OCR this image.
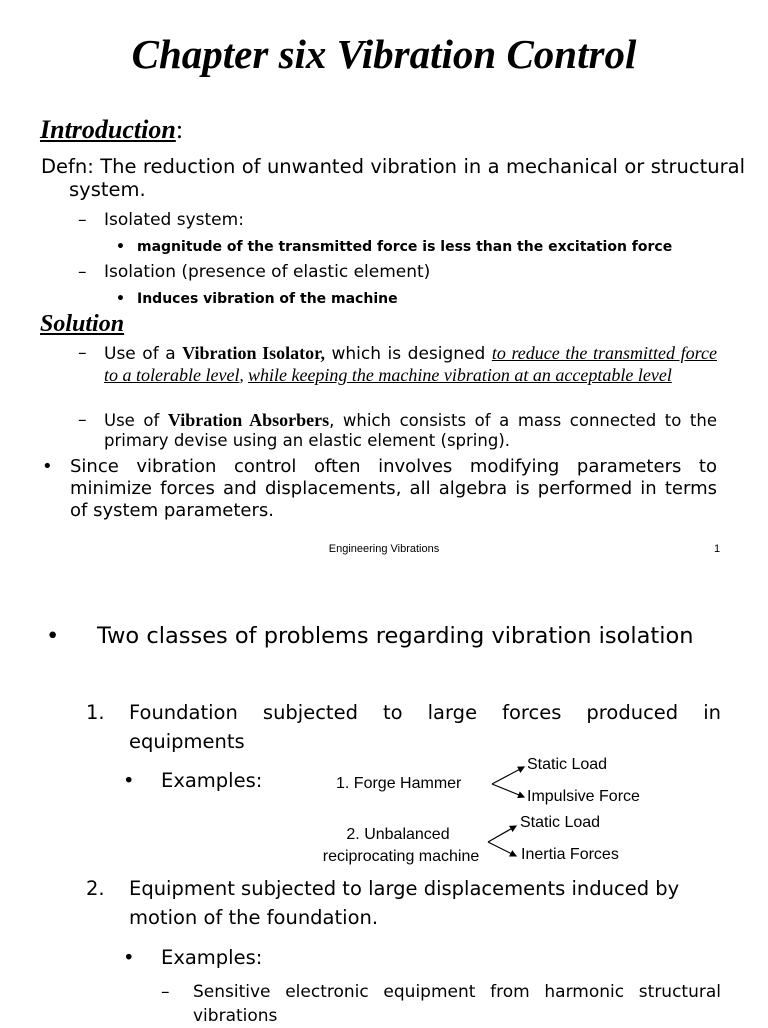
Chapter six Vibration Control
Introduction:
Defn: The reduction of unwanted vibration in a mechanical or structural system.
– Isolated system:
• magnitude of the transmitted force is less than the excitation force
– Isolation (presence of elastic element)
• Induces vibration of the machine
Solution
– Use of a Vibration Isolator, which is designed to reduce the transmitted force to a tolerable level, while keeping the machine vibration at an acceptable level
– Use of Vibration Absorbers, which consists of a mass connected to the primary devise using an elastic element (spring).
• Since vibration control often involves modifying parameters to minimize forces and displacements, all algebra is performed in terms of system parameters.
Engineering Vibrations	1
• Two classes of problems regarding vibration isolation
1. Foundation subjected to large forces produced in equipments
• Examples:	1. Forge Hammer
Static Load
Impulsive Force
2. Unbalanced
reciprocating machine
Static Load
Inertia Forces
2. Equipment subjected to large displacements induced by motion of the foundation.
• Examples:
– Sensitive electronic equipment from harmonic structural vibrations
